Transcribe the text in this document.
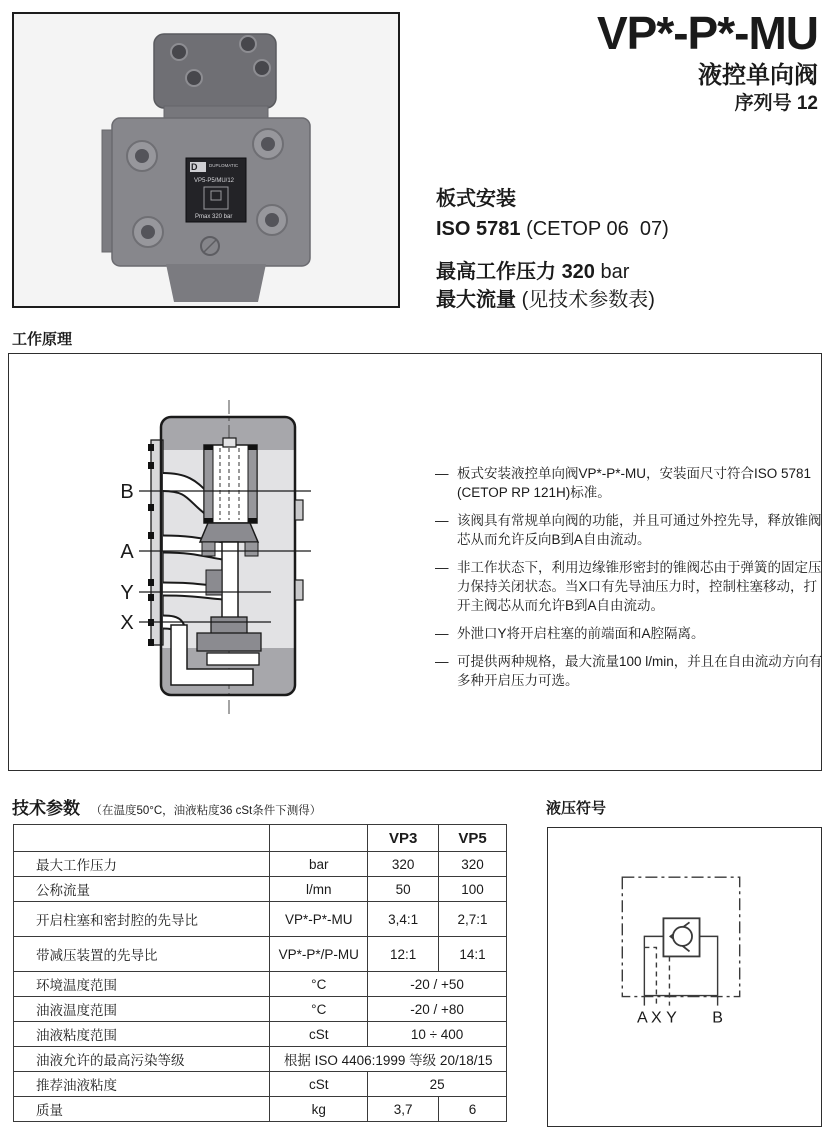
D	DUPLOMATIC
VP5-P5/MU/12
Pmax 320 bar
VP*-P*-MU
液控单向阀
序列号 12
板式安装
ISO 5781 (CETOP 06  07)
最高工作压力 320 bar
最大流量 (见技术参数表)
工作原理
B
A
Y
X
— 板式安装液控单向阀VP*-P*-MU，安装面尺寸符合ISO 5781 (CETOP RP 121H)标准。
— 该阀具有常规单向阀的功能，并且可通过外控先导，释放锥阀芯从而允许反向B到A自由流动。
— 非工作状态下，利用边缘锥形密封的锥阀芯由于弹簧的固定压力保持关闭状态。当X口有先导油压力时，控制柱塞移动，打开主阀芯从而允许B到A自由流动。
— 外泄口Y将开启柱塞的前端面和A腔隔离。
— 可提供两种规格，最大流量100 l/min，并且在自由流动方向有多种开启压力可选。
技术参数 （在温度50°C，油液粘度36 cSt条件下测得）
		VP3	VP5
最大工作压力	bar	320	320
公称流量	l/mn	50	100
开启柱塞和密封腔的先导比	VP*-P*-MU	3,4:1	2,7:1
带减压装置的先导比	VP*-P*/P-MU	12:1	14:1
环境温度范围	°C	-20 / +50	
油液温度范围	°C	-20 / +80	
油液粘度范围	cSt	10 ÷ 400	
油液允许的最高污染等级	根据 ISO 4406:1999 等级 20/18/15		
推荐油液粘度	cSt	25	
质量	kg	3,7	6
液压符号
A X Y B
